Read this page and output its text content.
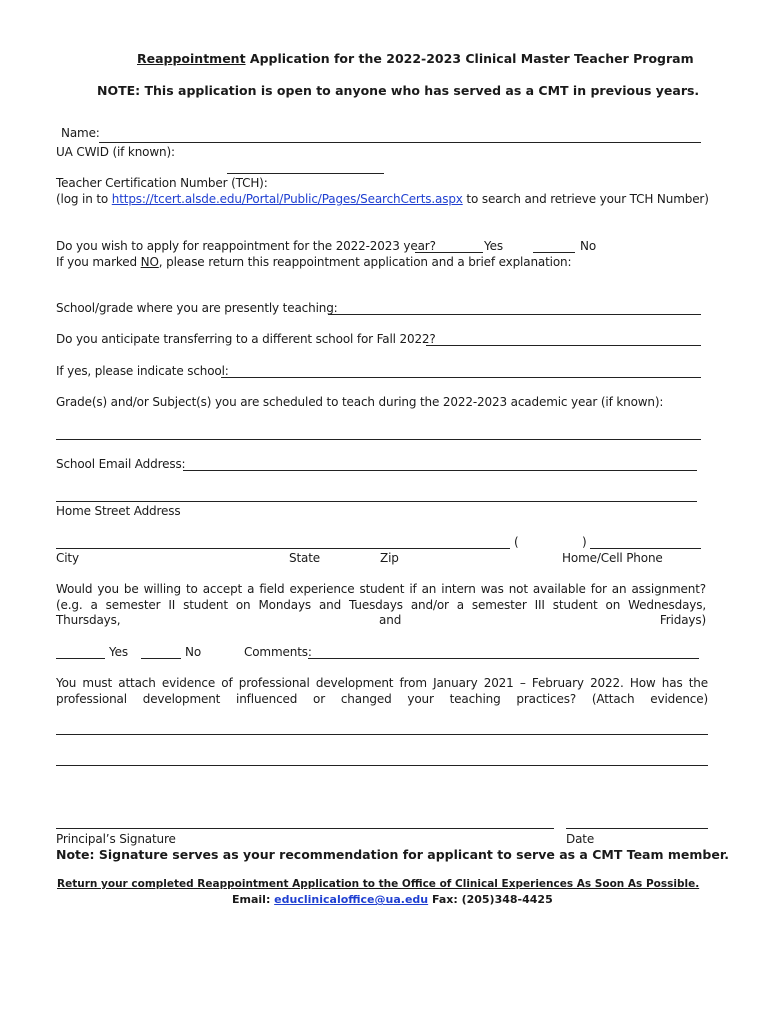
Reappointment Application for the 2022-2023 Clinical Master Teacher Program
NOTE: This application is open to anyone who has served as a CMT in previous years.
Name:
UA CWID (if known):
Teacher Certification Number (TCH):
(log in to https://tcert.alsde.edu/Portal/Public/Pages/SearchCerts.aspx to search and retrieve your TCH Number)
Do you wish to apply for reappointment for the 2022-2023 year?	Yes	No
If you marked NO, please return this reappointment application and a brief explanation:
School/grade where you are presently teaching:
Do you anticipate transferring to a different school for Fall 2022?
If yes, please indicate school:
Grade(s) and/or Subject(s) you are scheduled to teach during the 2022-2023 academic year (if known):
School Email Address:
Home Street Address
(	)
City	State	Zip	Home/Cell Phone
Would you be willing to accept a field experience student if an intern was not available for an assignment? (e.g. a semester II student on Mondays and Tuesdays and/or a semester III student on Wednesdays, Thursdays, and Fridays)
Yes	No	Comments:
You must attach evidence of professional development from January 2021 – February 2022. How has the professional development influenced or changed your teaching practices? (Attach evidence)
Principal’s Signature	Date
Note: Signature serves as your recommendation for applicant to serve as a CMT Team member.
Return your completed Reappointment Application to the Office of Clinical Experiences As Soon As Possible.
Email: educlinicaloffice@ua.edu Fax: (205)348-4425
